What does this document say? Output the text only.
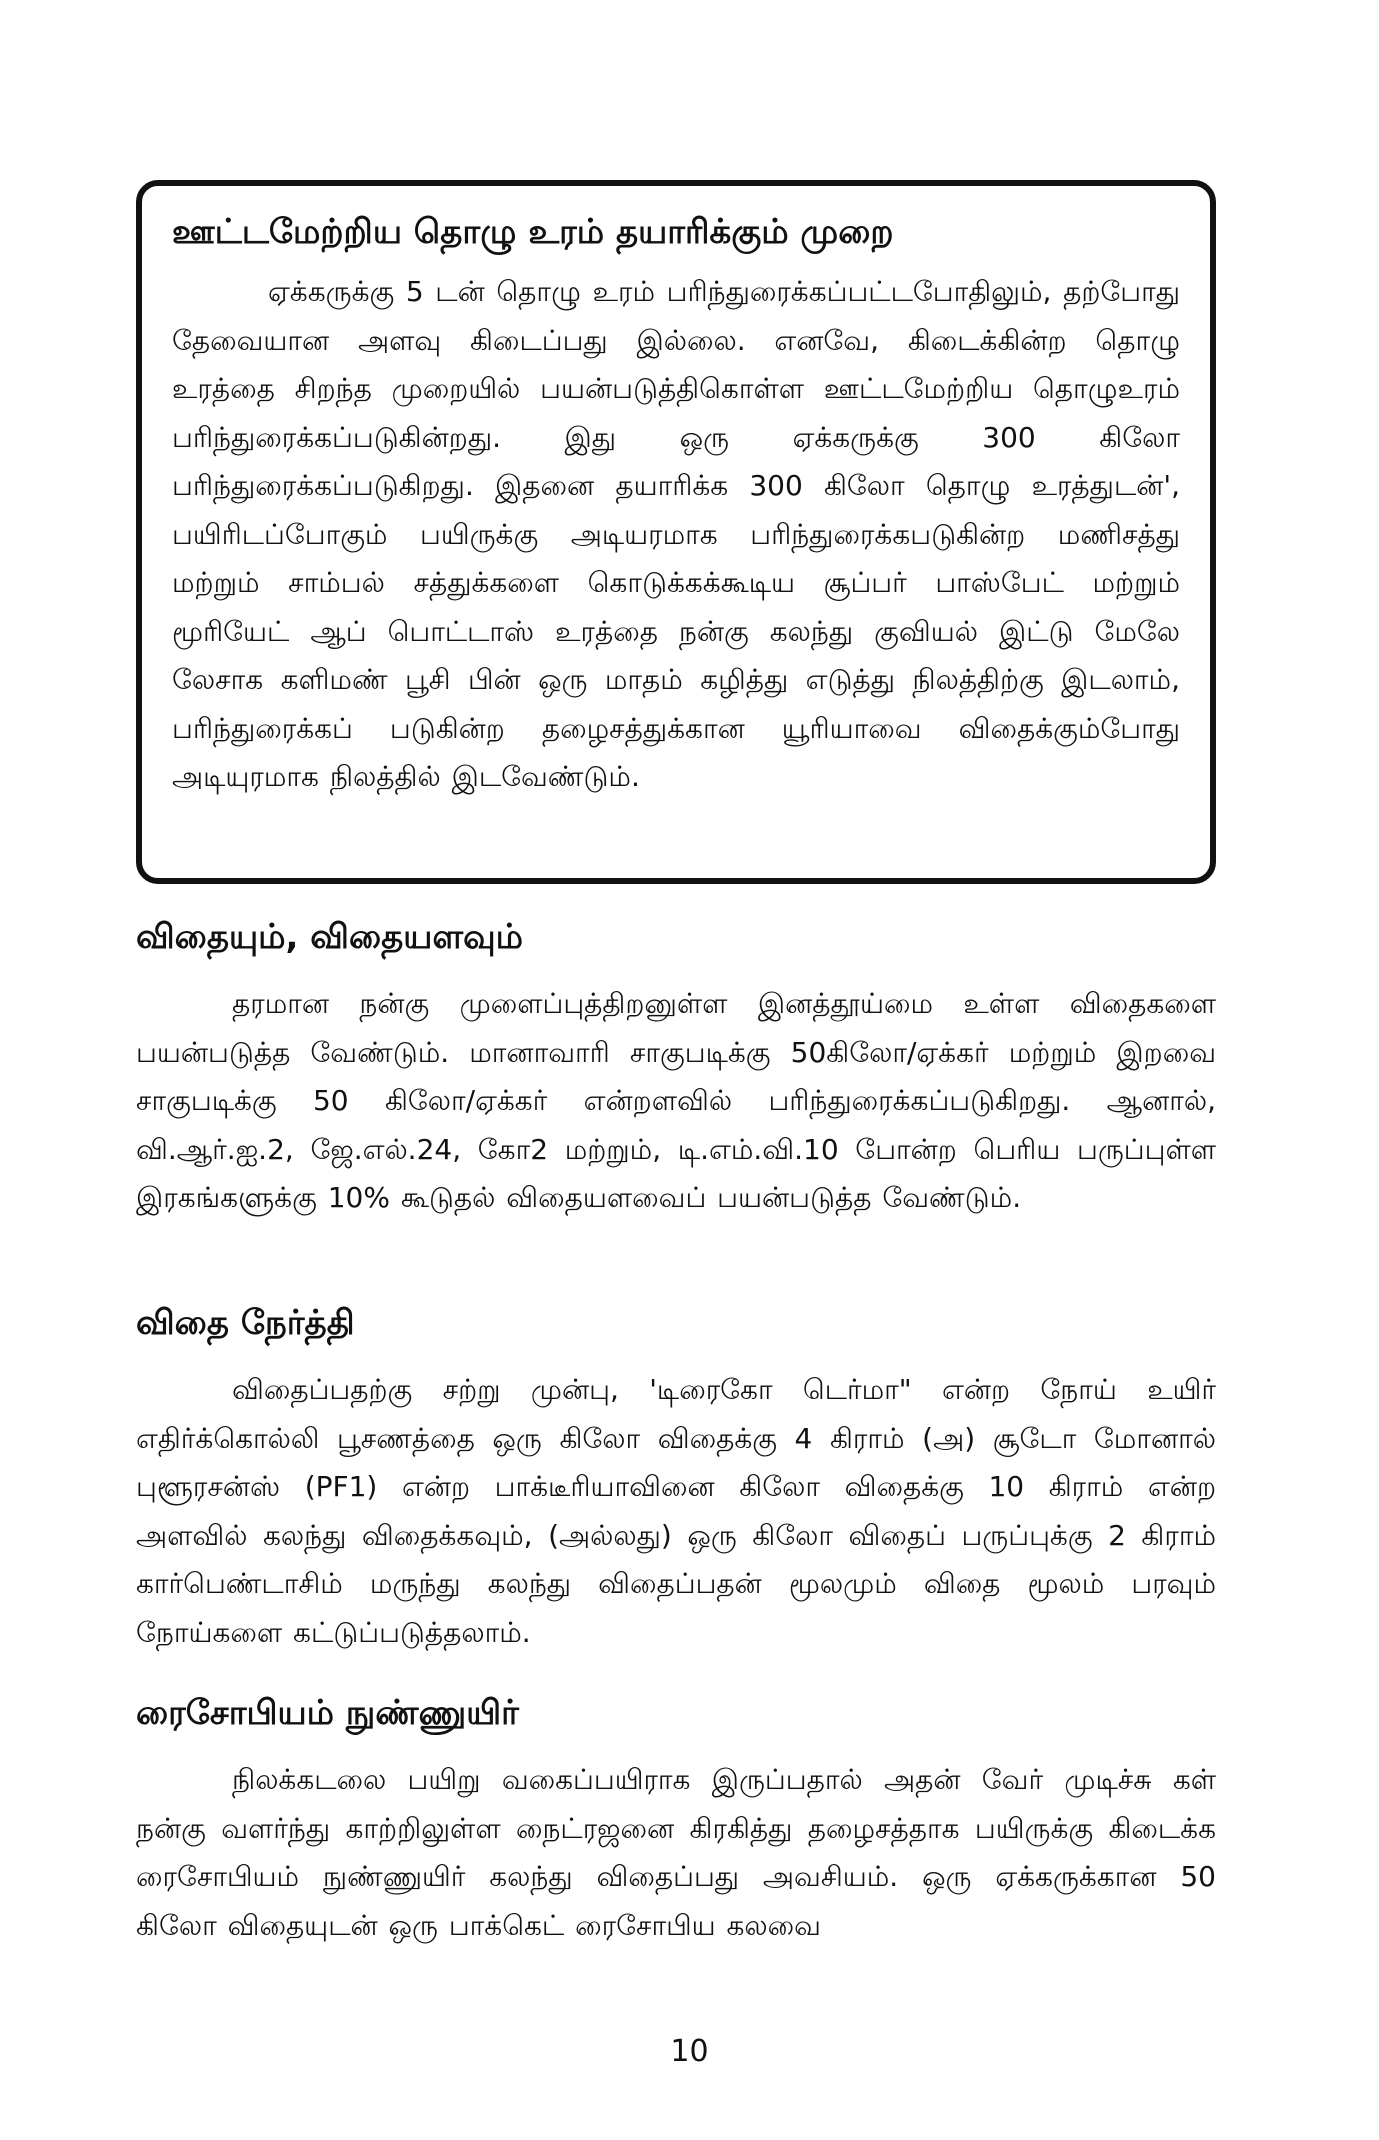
ஊட்டமேற்றிய தொழு உரம் தயாரிக்கும் முறை

ஏக்கருக்கு 5 டன் தொழு உரம் பரிந்துரைக்கப்பட்டபோதிலும், தற்போது தேவையான அளவு கிடைப்பது இல்லை. எனவே, கிடைக்கின்ற தொழு உரத்தை சிறந்த முறையில் பயன்படுத்திகொள்ள ஊட்டமேற்றிய தொழுஉரம் பரிந்துரைக்கப்படுகின்றது. இது ஒரு ஏக்கருக்கு 300 கிலோ பரிந்துரைக்கப்படுகிறது. இதனை தயாரிக்க 300 கிலோ தொழு உரத்துடன்', பயிரிடப்போகும் பயிருக்கு அடியரமாக பரிந்துரைக்கபடுகின்ற மணிசத்து மற்றும் சாம்பல் சத்துக்களை கொடுக்கக்கூடிய சூப்பர் பாஸ்பேட் மற்றும் மூரியேட் ஆப் பொட்டாஸ் உரத்தை நன்கு கலந்து குவியல் இட்டு மேலே லேசாக களிமண் பூசி பின் ஒரு மாதம் கழித்து எடுத்து நிலத்திற்கு இடலாம், பரிந்துரைக்கப் படுகின்ற தழைசத்துக்கான யூரியாவை விதைக்கும்போது அடியுரமாக நிலத்தில் இடவேண்டும்.

விதையும், விதையளவும்

தரமான நன்கு முளைப்புத்திறனுள்ள இனத்தூய்மை உள்ள விதைகளை பயன்படுத்த வேண்டும். மானாவாரி சாகுபடிக்கு 50கிலோ/ஏக்கர் மற்றும் இறவை சாகுபடிக்கு 50 கிலோ/ஏக்கர் என்றளவில் பரிந்துரைக்கப்படுகிறது. ஆனால், வி.ஆர்.ஐ.2, ஜே.எல்.24, கோ2 மற்றும், டி.எம்.வி.10 போன்ற பெரிய பருப்புள்ள இரகங்களுக்கு 10% கூடுதல் விதையளவைப் பயன்படுத்த வேண்டும்.

விதை நேர்த்தி

விதைப்பதற்கு சற்று முன்பு, 'டிரைகோ டெர்மா" என்ற நோய் உயிர் எதிர்க்கொல்லி பூசணத்தை ஒரு கிலோ விதைக்கு 4 கிராம் (அ) சூடோ மோனால் புளூரசன்ஸ் (PF1) என்ற பாக்டீரியாவினை கிலோ விதைக்கு 10 கிராம் என்ற அளவில் கலந்து விதைக்கவும், (அல்லது) ஒரு கிலோ விதைப் பருப்புக்கு 2 கிராம் கார்பெண்டாசிம் மருந்து கலந்து விதைப்பதன் மூலமும் விதை மூலம் பரவும் நோய்களை கட்டுப்படுத்தலாம்.

ரைசோபியம் நுண்ணுயிர்

நிலக்கடலை பயிறு வகைப்பயிராக இருப்பதால் அதன் வேர் முடிச்சு கள் நன்கு வளர்ந்து காற்றிலுள்ள நைட்ரஜனை கிரகித்து தழைசத்தாக பயிருக்கு கிடைக்க ரைசோபியம் நுண்ணுயிர் கலந்து விதைப்பது அவசியம். ஒரு ஏக்கருக்கான 50 கிலோ விதையுடன் ஒரு பாக்கெட் ரைசோபிய கலவை

10
